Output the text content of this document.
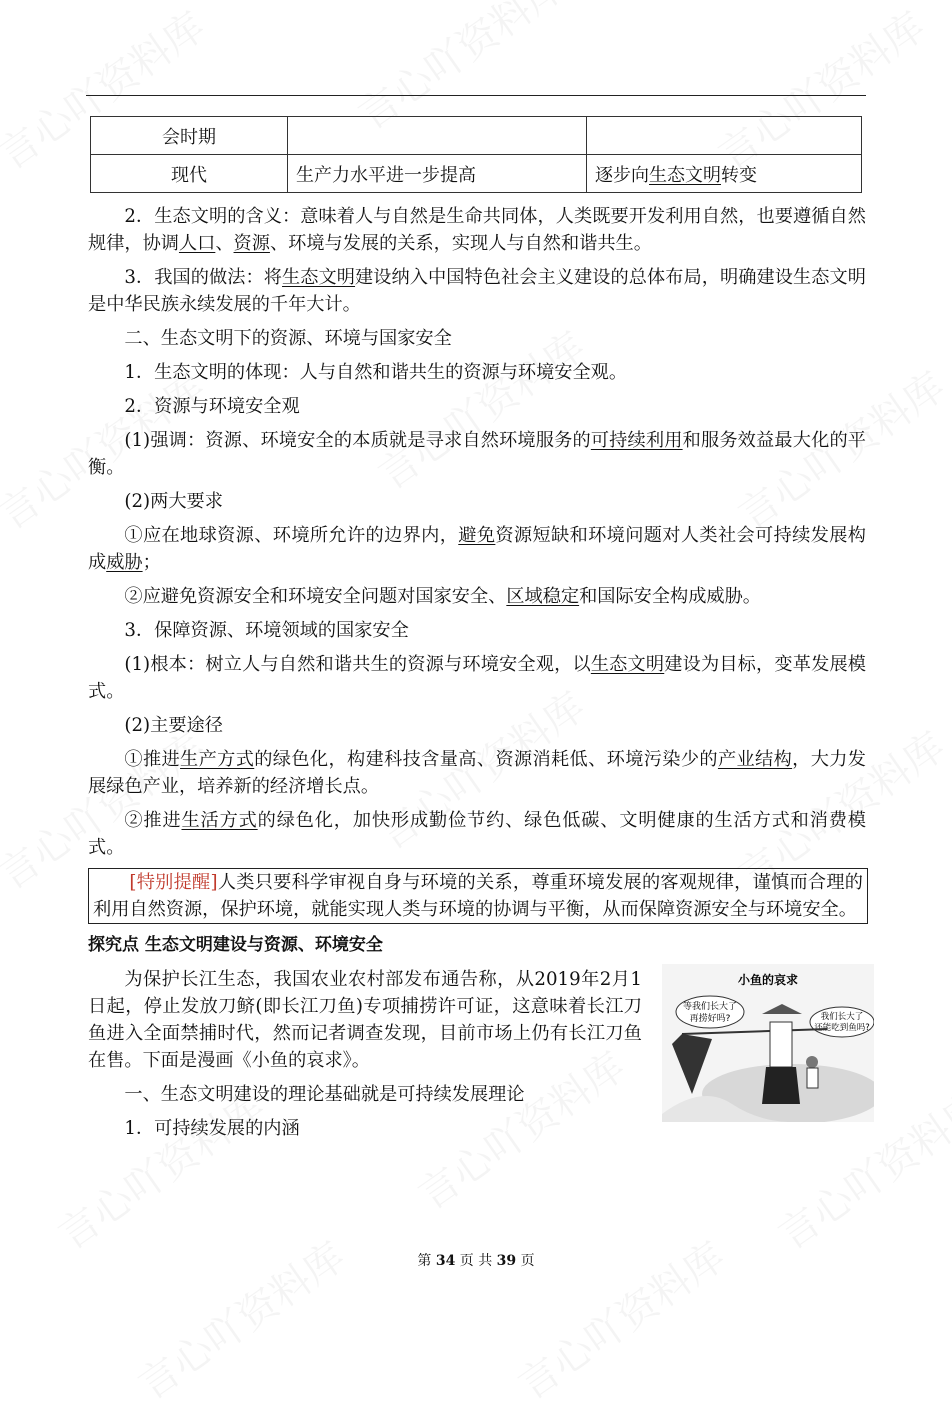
会时期		
现代	生产力水平进一步提高	逐步向生态文明转变

2．生态文明的含义：意味着人与自然是生命共同体，人类既要开发利用自然，也要遵循自然规律，协调人口、资源、环境与发展的关系，实现人与自然和谐共生。

3．我国的做法：将生态文明建设纳入中国特色社会主义建设的总体布局，明确建设生态文明是中华民族永续发展的千年大计。

二、生态文明下的资源、环境与国家安全

1．生态文明的体现：人与自然和谐共生的资源与环境安全观。

2．资源与环境安全观

(1)强调：资源、环境安全的本质就是寻求自然环境服务的可持续利用和服务效益最大化的平衡。

(2)两大要求

①应在地球资源、环境所允许的边界内，避免资源短缺和环境问题对人类社会可持续发展构成威胁；

②应避免资源安全和环境安全问题对国家安全、区域稳定和国际安全构成威胁。

3．保障资源、环境领域的国家安全

(1)根本：树立人与自然和谐共生的资源与环境安全观，以生态文明建设为目标，变革发展模式。

(2)主要途径

①推进生产方式的绿色化，构建科技含量高、资源消耗低、环境污染少的产业结构，大力发展绿色产业，培养新的经济增长点。

②推进生活方式的绿色化，加快形成勤俭节约、绿色低碳、文明健康的生活方式和消费模式。

[特别提醒]人类只要科学审视自身与环境的关系，尊重环境发展的客观规律，谨慎而合理的利用自然资源，保护环境，就能实现人类与环境的协调与平衡，从而保障资源安全与环境安全。

探究点 生态文明建设与资源、环境安全

小鱼的哀求
等我们长大了
再捞好吗?	我们长大了
还能吃到鱼吗?

为保护长江生态，我国农业农村部发布通告称，从2019年2月1日起，停止发放刀鲚(即长江刀鱼)专项捕捞许可证，这意味着长江刀鱼进入全面禁捕时代，然而记者调查发现，目前市场上仍有长江刀鱼在售。下面是漫画《小鱼的哀求》。

一、生态文明建设的理论基础就是可持续发展理论

1．可持续发展的内涵

第 34 页 共 39 页
